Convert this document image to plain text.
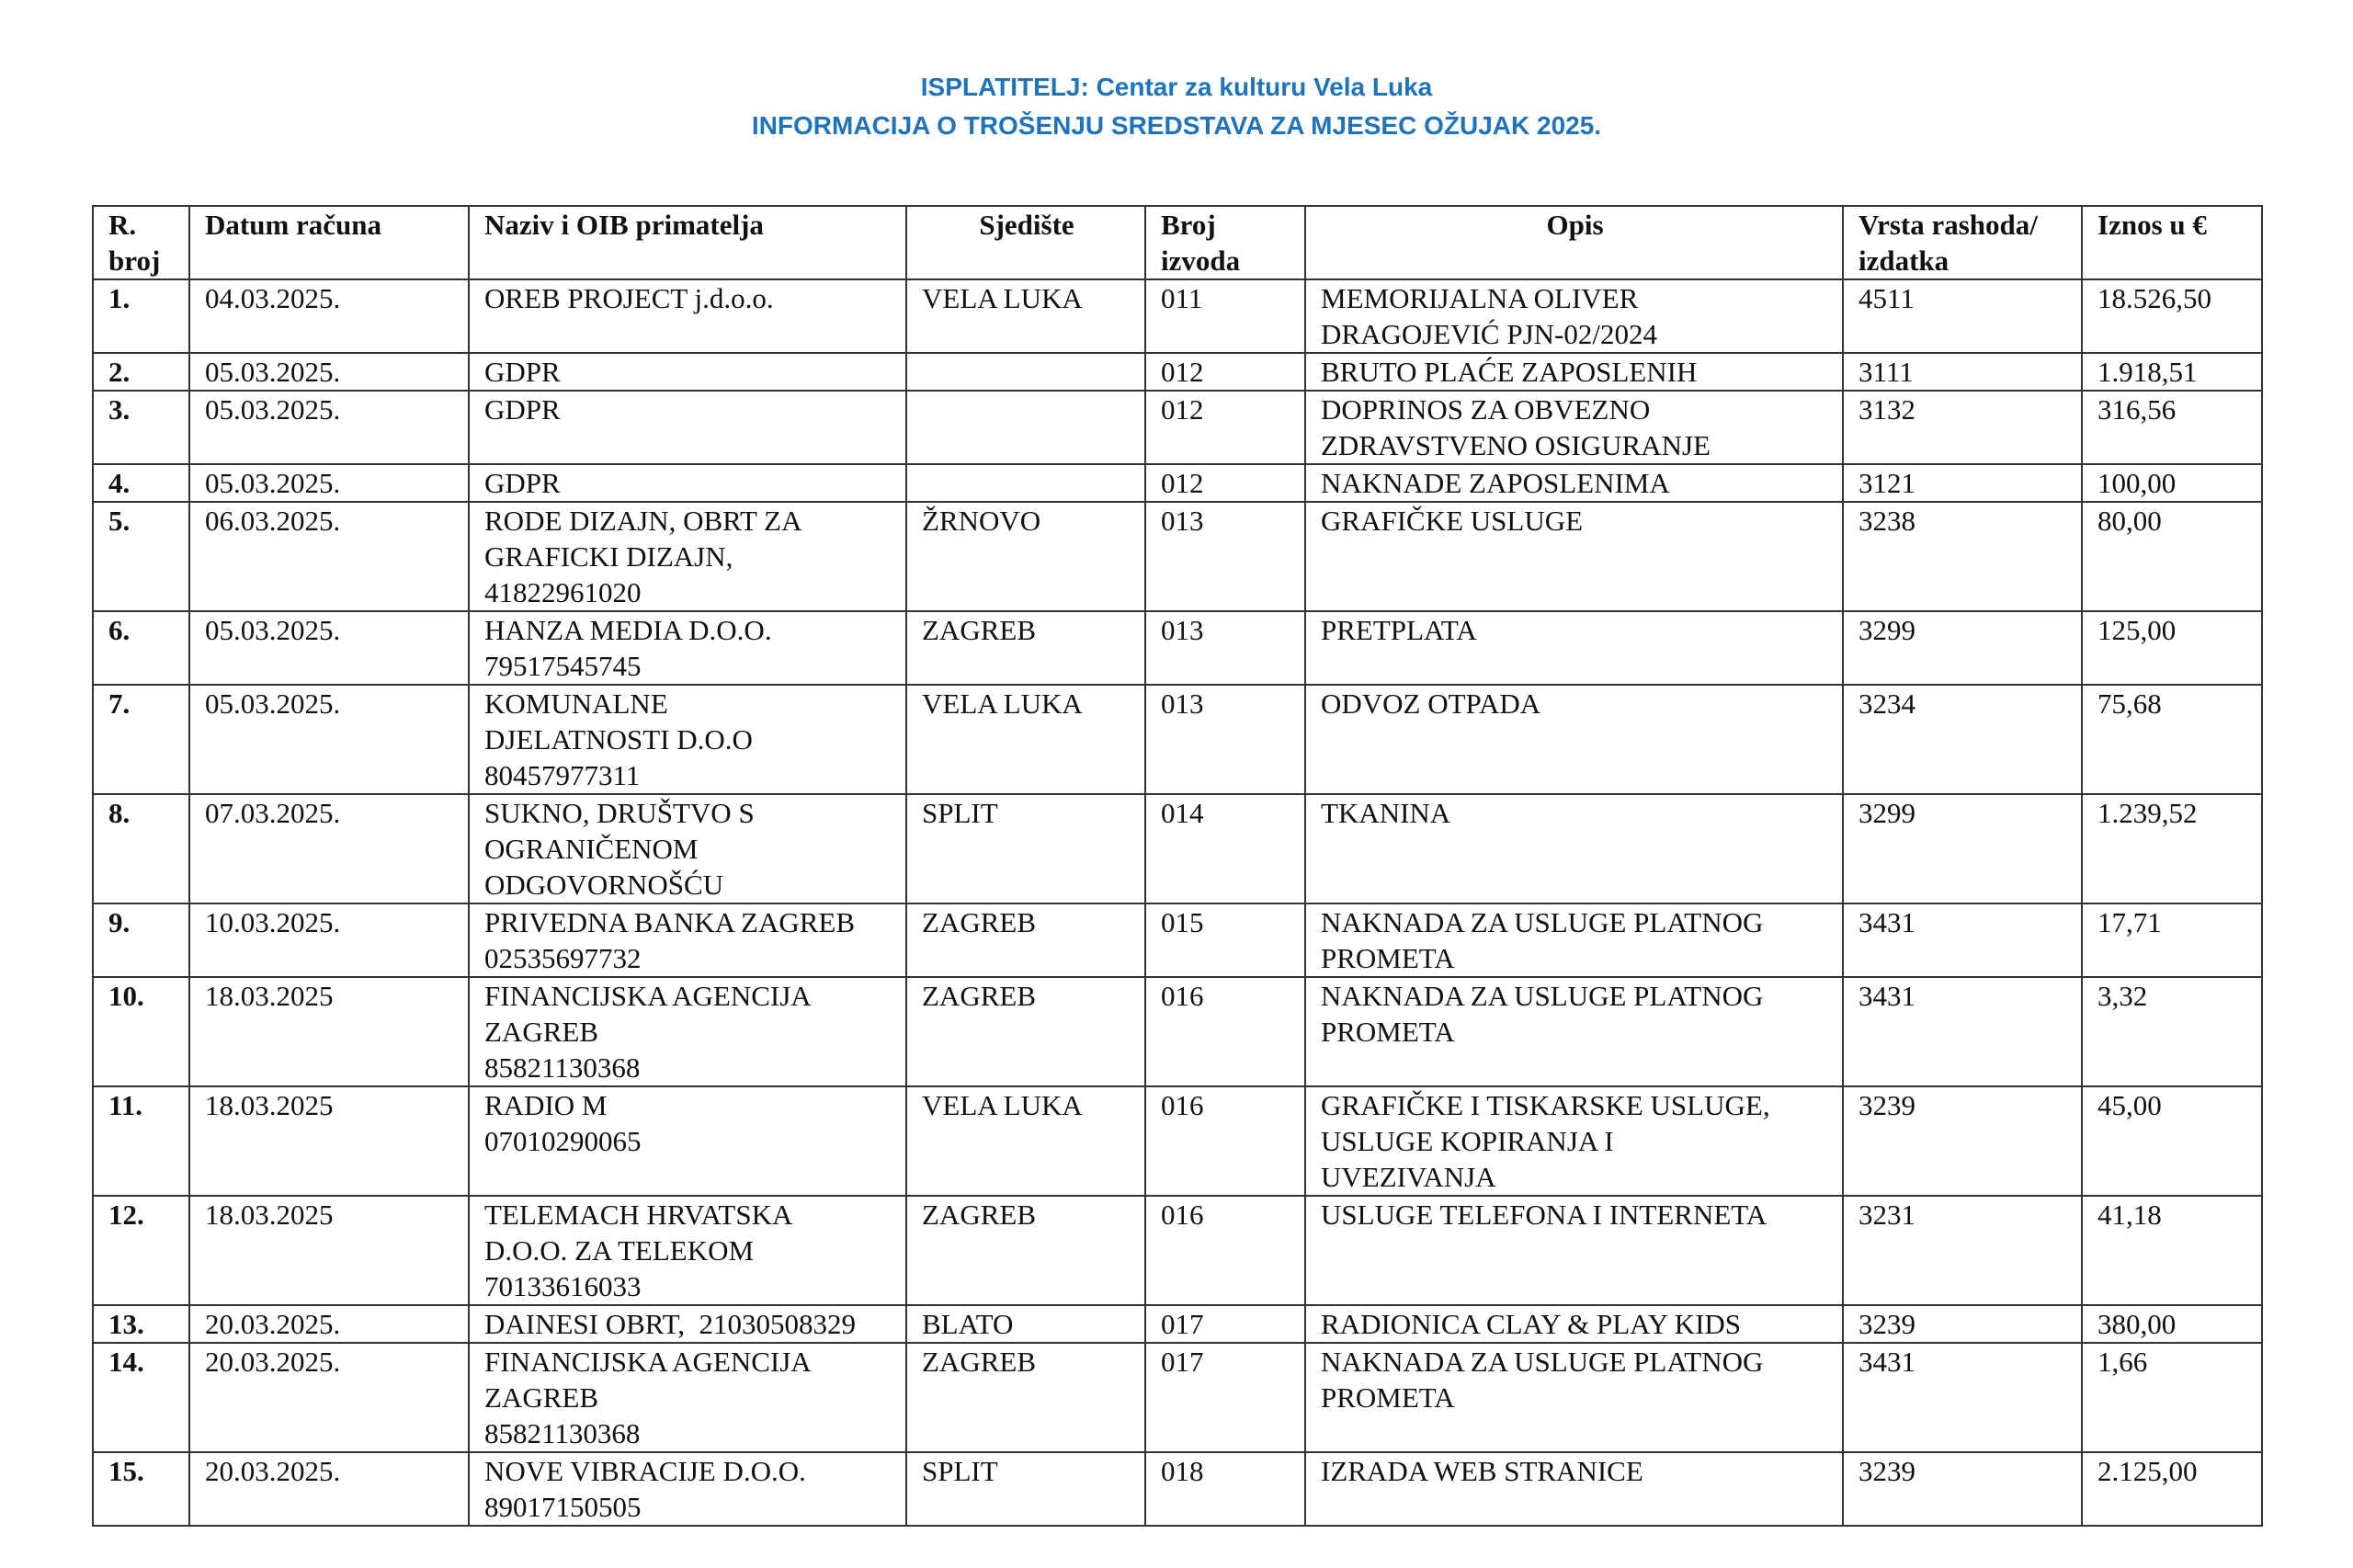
ISPLATITELJ: Centar za kulturu Vela Luka
INFORMACIJA O TROŠENJU SREDSTAVA ZA MJESEC OŽUJAK 2025.
R.
broj	Datum računa	Naziv i OIB primatelja	Sjedište	Broj
izvoda	Opis	Vrsta rashoda/
izdatka	Iznos u €

1.	04.03.2025.	OREB PROJECT j.d.o.o.	VELA LUKA	011	MEMORIJALNA OLIVER
DRAGOJEVIĆ PJN-02/2024	4511	18.526,50

2.	05.03.2025.	GDPR		012	BRUTO PLAĆE ZAPOSLENIH	3111	1.918,51

3.	05.03.2025.	GDPR		012	DOPRINOS ZA OBVEZNO
ZDRAVSTVENO OSIGURANJE	3132	316,56

4.	05.03.2025.	GDPR		012	NAKNADE ZAPOSLENIMA	3121	100,00

5.	06.03.2025.	RODE DIZAJN, OBRT ZA
GRAFICKI DIZAJN,
41822961020	ŽRNOVO	013	GRAFIČKE USLUGE	3238	80,00

6.	05.03.2025.	HANZA MEDIA D.O.O.
79517545745	ZAGREB	013	PRETPLATA	3299	125,00

7.	05.03.2025.	KOMUNALNE
DJELATNOSTI D.O.O
80457977311	VELA LUKA	013	ODVOZ OTPADA	3234	75,68

8.	07.03.2025.	SUKNO, DRUŠTVO S
OGRANIČENOM
ODGOVORNOŠĆU	SPLIT	014	TKANINA	3299	1.239,52

9.	10.03.2025.	PRIVEDNA BANKA ZAGREB
02535697732	ZAGREB	015	NAKNADA ZA USLUGE PLATNOG
PROMETA	3431	17,71

10.	18.03.2025	FINANCIJSKA AGENCIJA
ZAGREB
85821130368	ZAGREB	016	NAKNADA ZA USLUGE PLATNOG
PROMETA	3431	3,32

11.	18.03.2025	RADIO M
07010290065	VELA LUKA	016	GRAFIČKE I TISKARSKE USLUGE,
USLUGE KOPIRANJA I
UVEZIVANJA	3239	45,00

12.	18.03.2025	TELEMACH HRVATSKA
D.O.O. ZA TELEKOM
70133616033	ZAGREB	016	USLUGE TELEFONA I INTERNETA	3231	41,18

13.	20.03.2025.	DAINESI OBRT,  21030508329	BLATO	017	RADIONICA CLAY & PLAY KIDS	3239	380,00

14.	20.03.2025.	FINANCIJSKA AGENCIJA
ZAGREB
85821130368	ZAGREB	017	NAKNADA ZA USLUGE PLATNOG
PROMETA	3431	1,66

15.	20.03.2025.	NOVE VIBRACIJE D.O.O.
89017150505	SPLIT	018	IZRADA WEB STRANICE	3239	2.125,00
